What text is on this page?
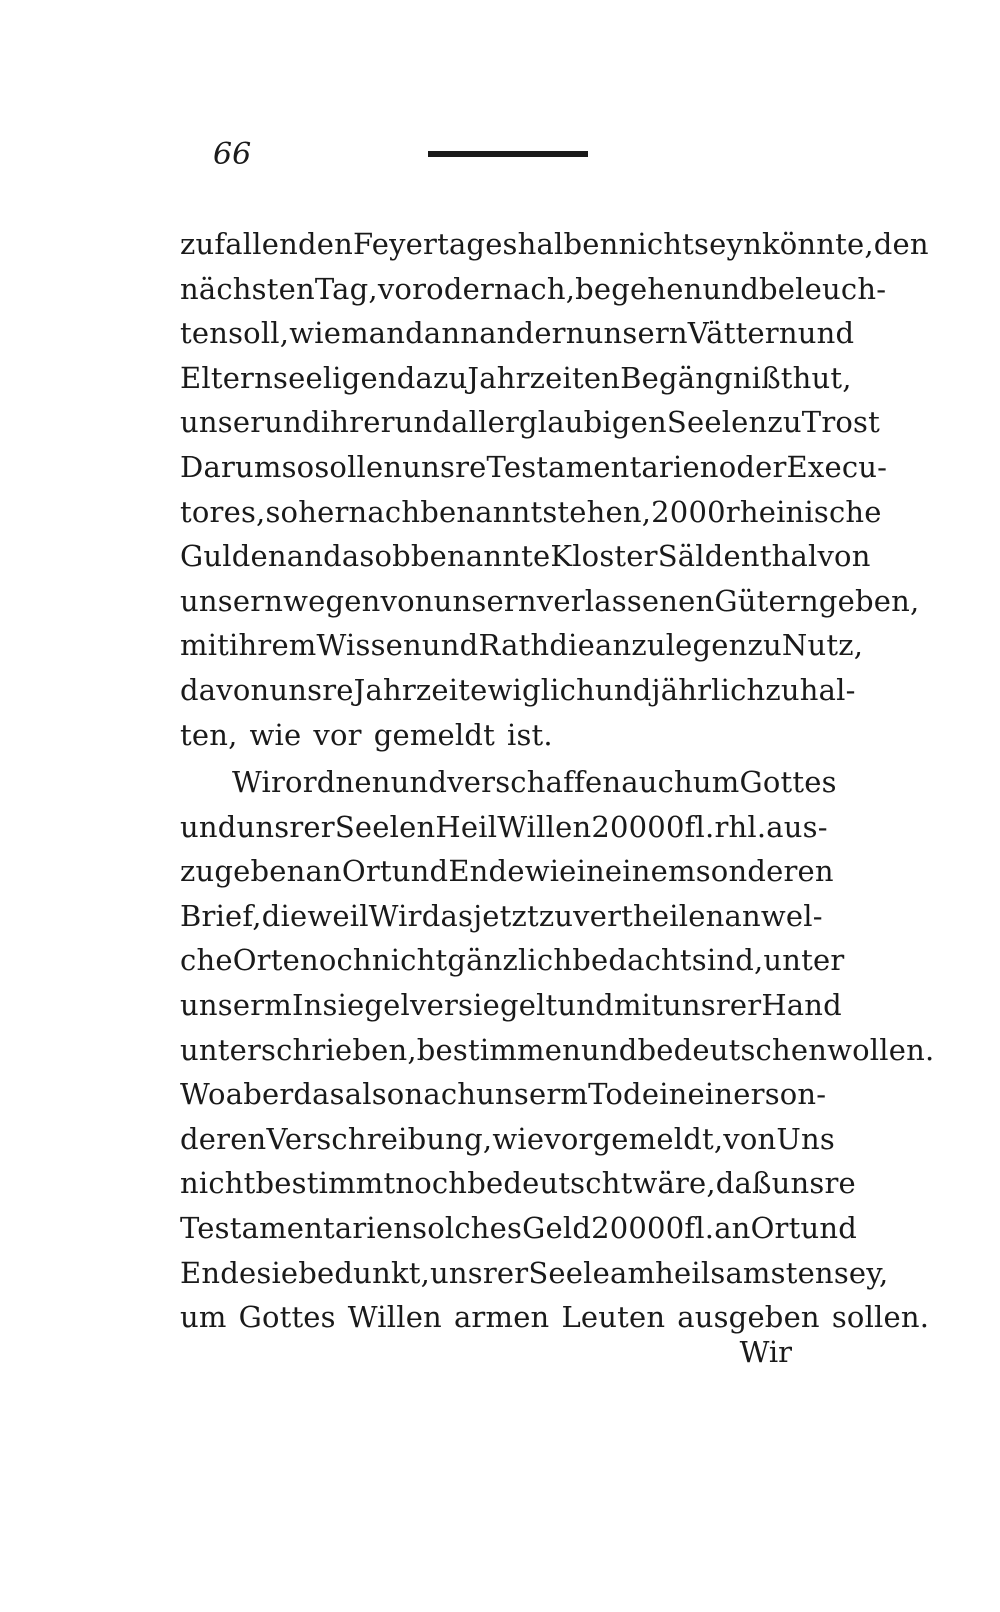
66
zufallenden Feyertages halben nicht seyn könnte, den
nächsten Tag, vor oder nach, begehen und beleuch-
ten soll, wie man dann andern unsern Vättern und
Eltern seeligen da zu Jahrzeiten Begängniß thut,
unser und ihrer und aller glaubigen Seelen zu Trost
Darum so sollen unsre Testamentarien oder Execu-
tores, so hernach benannt stehen, 2000 rheinische
Gulden an das obbenannte Kloster Säldenthal von
unsern wegen von unsern verlassenen Gütern geben,
mit ihrem Wissen und Rath die anzulegen zu Nutz,
davon unsre Jahrzeit ewiglich und jährlich zu hal-
ten, wie vor gemeldt ist.
Wir ordnen und verschaffen auch um Gottes
und unsrer Seelen Heil Willen 20000 fl. rhl. aus-
zugeben an Ort und Ende wie in einem sonderen
Brief, dieweil Wir das jetzt zu vertheilen an wel-
che Orte noch nicht gänzlich bedacht sind, unter
unserm Insiegel versiegelt und mit unsrer Hand
unterschrieben, bestimmen und bedeutschen wollen.
Wo aber das also nach unserm Tode in einer son-
deren Verschreibung, wie vor gemeldt, von Uns
nicht bestimmt noch bedeutscht wäre, daß unsre
Testamentarien solches Geld 20000 fl. an Ort und
Ende sie bedunkt, unsrer Seele am heilsamsten sey,
um Gottes Willen armen Leuten ausgeben sollen.
Wir
